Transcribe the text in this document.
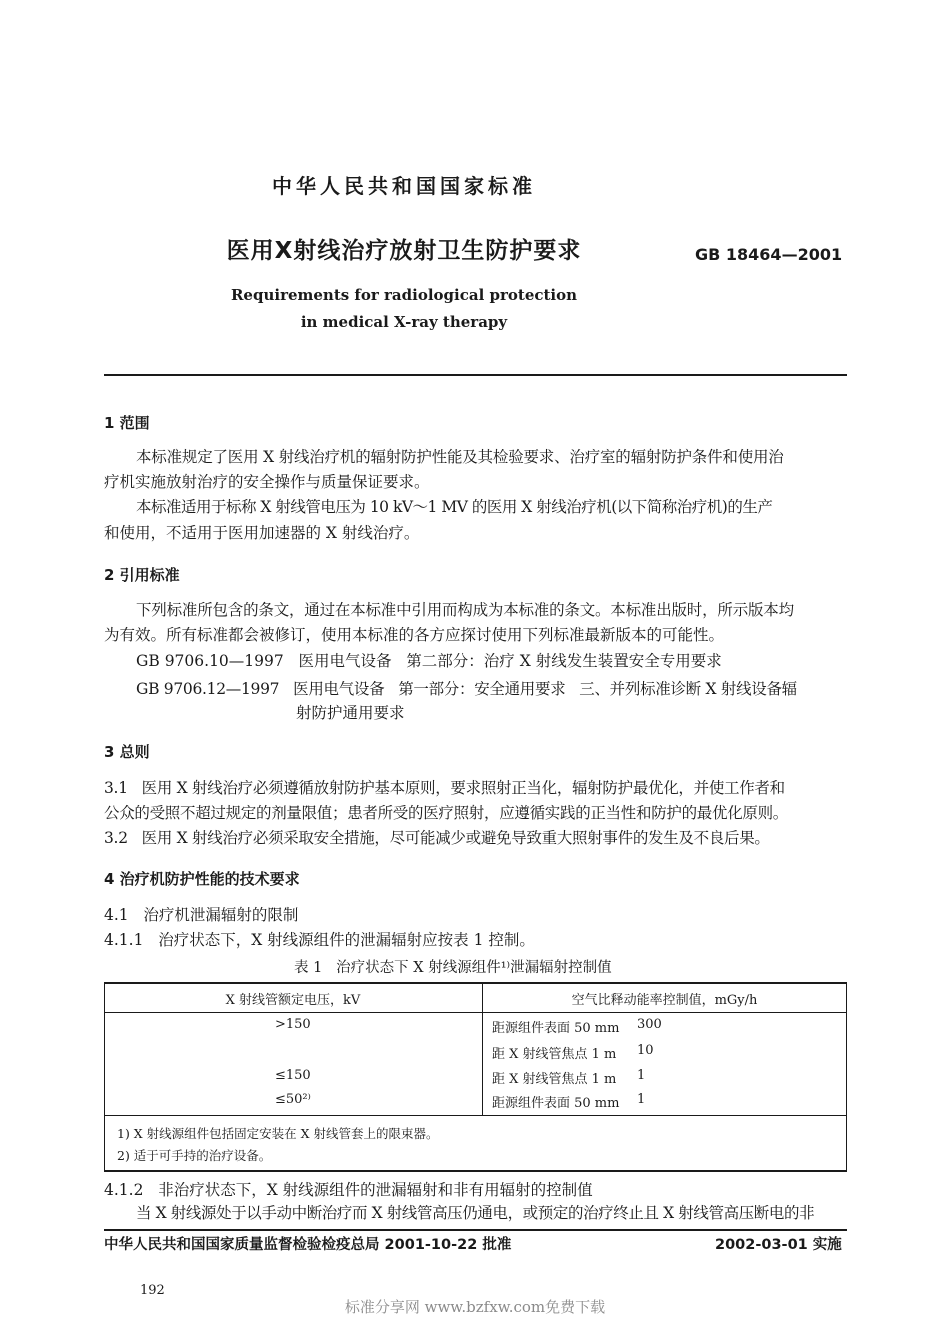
中华人民共和国国家标准
医用X射线治疗放射卫生防护要求	GB 18464—2001
Requirements for radiological protection
in medical X-ray therapy
1 范围
本标准规定了医用 X 射线治疗机的辐射防护性能及其检验要求、治疗室的辐射防护条件和使用治
疗机实施放射治疗的安全操作与质量保证要求。
本标准适用于标称 X 射线管电压为 10 kV～1 MV 的医用 X 射线治疗机(以下简称治疗机)的生产
和使用，不适用于医用加速器的 X 射线治疗。
2 引用标准
下列标准所包含的条文，通过在本标准中引用而构成为本标准的条文。本标准出版时，所示版本均
为有效。所有标准都会被修订，使用本标准的各方应探讨使用下列标准最新版本的可能性。
GB 9706.10—1997   医用电气设备   第二部分：治疗 X 射线发生装置安全专用要求
GB 9706.12—1997   医用电气设备   第一部分：安全通用要求   三、并列标准诊断 X 射线设备辐
射防护通用要求
3 总则
3.1   医用 X 射线治疗必须遵循放射防护基本原则，要求照射正当化，辐射防护最优化，并使工作者和
公众的受照不超过规定的剂量限值；患者所受的医疗照射，应遵循实践的正当性和防护的最优化原则。
3.2   医用 X 射线治疗必须采取安全措施，尽可能减少或避免导致重大照射事件的发生及不良后果。
4 治疗机防护性能的技术要求
4.1   治疗机泄漏辐射的限制
4.1.1   治疗状态下，X 射线源组件的泄漏辐射应按表 1 控制。
表 1   治疗状态下 X 射线源组件¹⁾泄漏辐射控制值
X 射线管额定电压，kV	空气比释动能率控制值，mGy/h
>150	距源组件表面 50 mm 300
距 X 射线管焦点 1 m 10
≤150	距 X 射线管焦点 1 m 1
≤50²⁾	距源组件表面 50 mm 1
1) X 射线源组件包括固定安装在 X 射线管套上的限束器。
2) 适于可手持的治疗设备。
4.1.2   非治疗状态下，X 射线源组件的泄漏辐射和非有用辐射的控制值
当 X 射线源处于以手动中断治疗而 X 射线管高压仍通电，或预定的治疗终止且 X 射线管高压断电的非
中华人民共和国国家质量监督检验检疫总局 2001-10-22 批准	2002-03-01 实施
192
标准分享网 www.bzfxw.com免费下载
